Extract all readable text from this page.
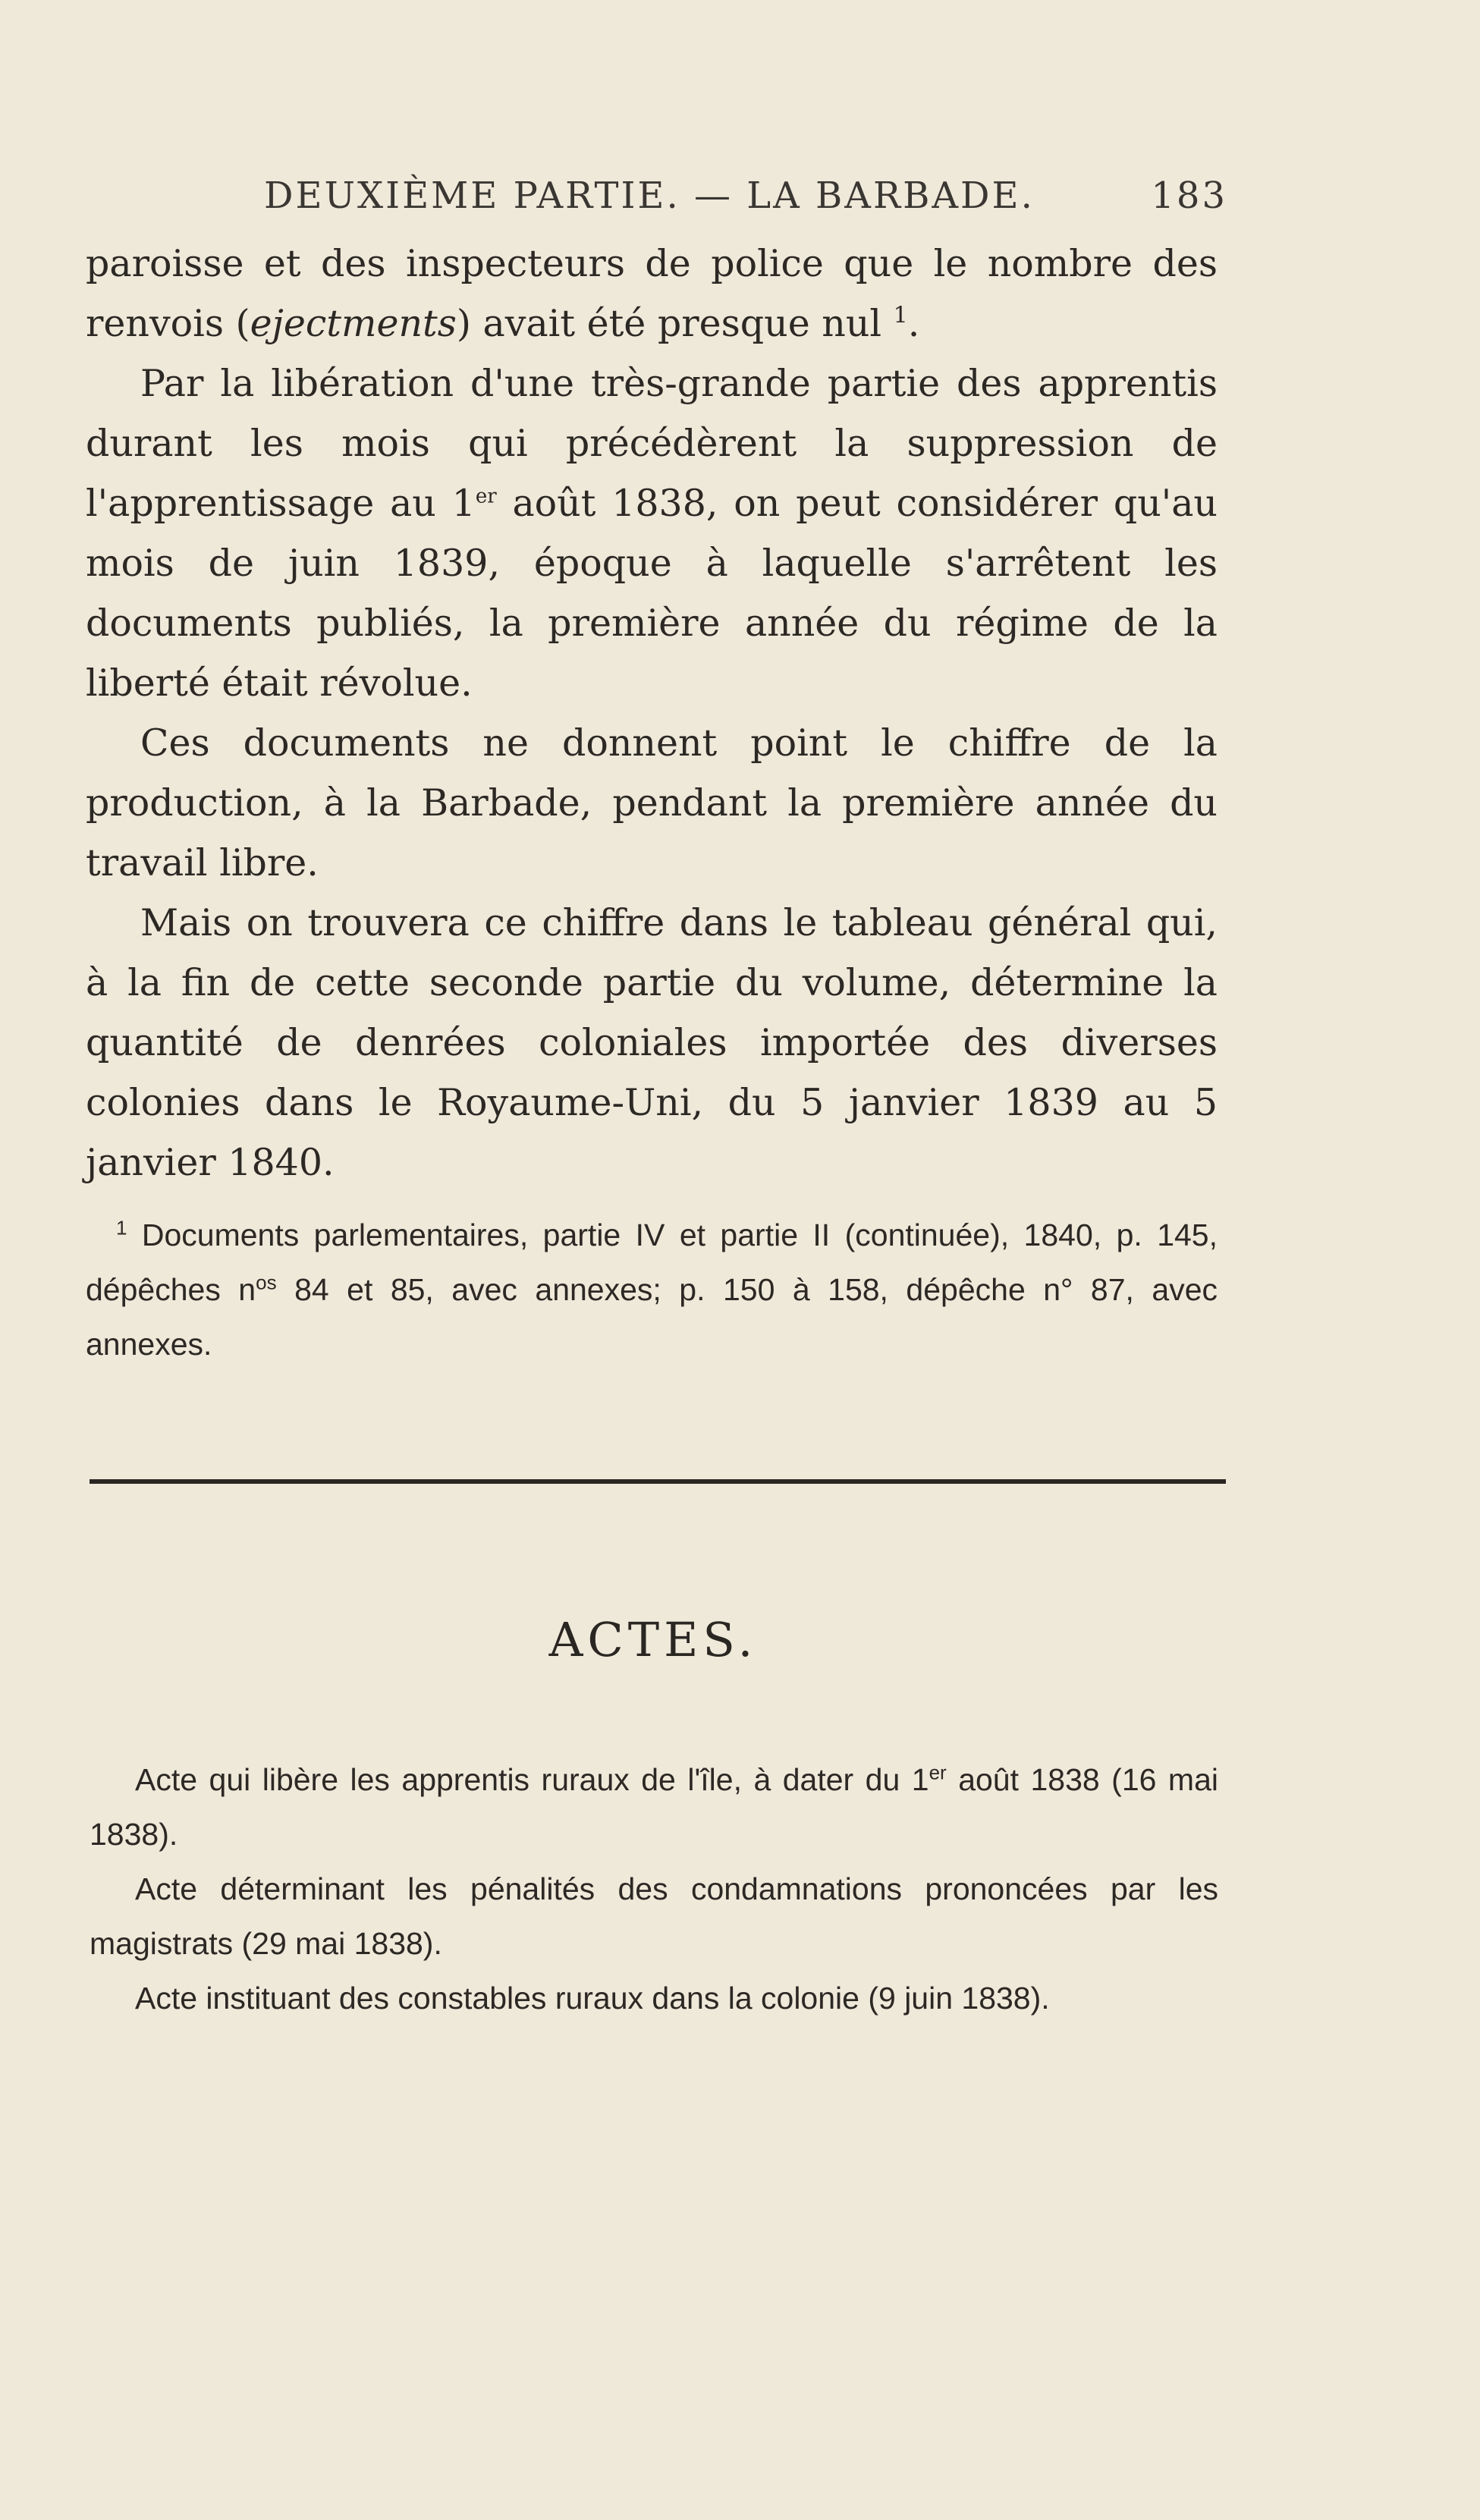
DEUXIÈME PARTIE. — LA BARBADE.	183

paroisse et des inspecteurs de police que le nombre des renvois (ejectments) avait été presque nul $^1$.

Par la libération d'une très-grande partie des apprentis durant les mois qui précédèrent la suppression de l'apprentissage au 1er août 1838, on peut considérer qu'au mois de juin 1839, époque à laquelle s'arrêtent les documents publiés, la première année du régime de la liberté était révolue.

Ces documents ne donnent point le chiffre de la production, à la Barbade, pendant la première année du travail libre.

Mais on trouvera ce chiffre dans le tableau général qui, à la fin de cette seconde partie du volume, détermine la quantité de denrées coloniales importée des diverses colonies dans le Royaume-Uni, du 5 janvier 1839 au 5 janvier 1840.

$^1$ Documents parlementaires, partie IV et partie II (continuée), 1840, p. 145, dépêches $n^{os}$ 84 et 85, avec annexes; p. 150 à 158, dépêche n° 87, avec annexes.

ACTES.

Acte qui libère les apprentis ruraux de l'île, à dater du 1er août 1838 (16 mai 1838).

Acte déterminant les pénalités des condamnations prononcées par les magistrats (29 mai 1838).

Acte instituant des constables ruraux dans la colonie (9 juin 1838).
